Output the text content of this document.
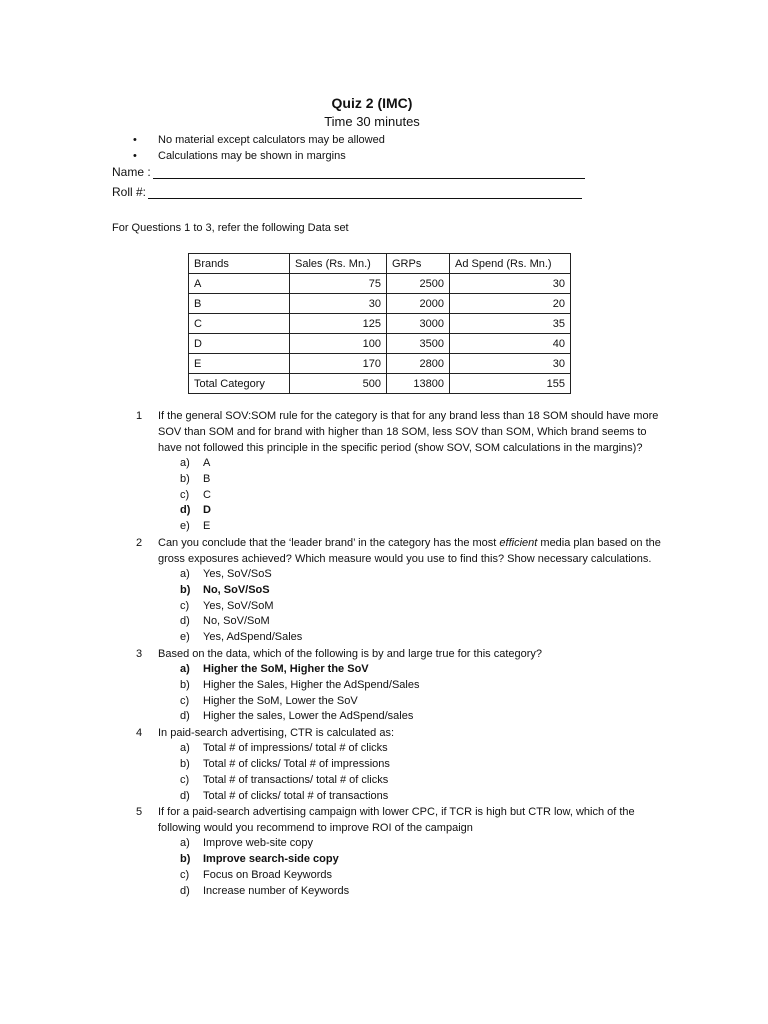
Quiz 2 (IMC)
Time 30 minutes
• No material except calculators may be allowed
• Calculations may be shown in margins
Name :
Roll #:
For Questions 1 to 3, refer the following Data set
Brands	Sales (Rs. Mn.)	GRPs	Ad Spend (Rs. Mn.)
A	75	2500	30
B	30	2000	20
C	125	3000	35
D	100	3500	40
E	170	2800	30
Total Category	500	13800	155
1 If the general SOV:SOM rule for the category is that for any brand less than 18 SOM should have more SOV than SOM and for brand with higher than 18 SOM, less SOV than SOM, Which brand seems to have not followed this principle in the specific period (show SOV, SOM calculations in the margins)?
a) A
b) B
c) C
d) D
e) E
2 Can you conclude that the ‘leader brand’ in the category has the most efficient media plan based on the gross exposures achieved? Which measure would you use to find this? Show necessary calculations.
a) Yes, SoV/SoS
b) No, SoV/SoS
c) Yes, SoV/SoM
d) No, SoV/SoM
e) Yes, AdSpend/Sales
3 Based on the data, which of the following is by and large true for this category?
a) Higher the SoM, Higher the SoV
b) Higher the Sales, Higher the AdSpend/Sales
c) Higher the SoM, Lower the SoV
d) Higher the sales, Lower the AdSpend/sales
4 In paid-search advertising, CTR is calculated as:
a) Total # of impressions/ total # of clicks
b) Total # of clicks/ Total # of impressions
c) Total # of transactions/ total # of clicks
d) Total # of clicks/ total # of transactions
5 If for a paid-search advertising campaign with lower CPC, if TCR is high but CTR low, which of the following would you recommend to improve ROI of the campaign
a) Improve web-site copy
b) Improve search-side copy
c) Focus on Broad Keywords
d) Increase number of Keywords
